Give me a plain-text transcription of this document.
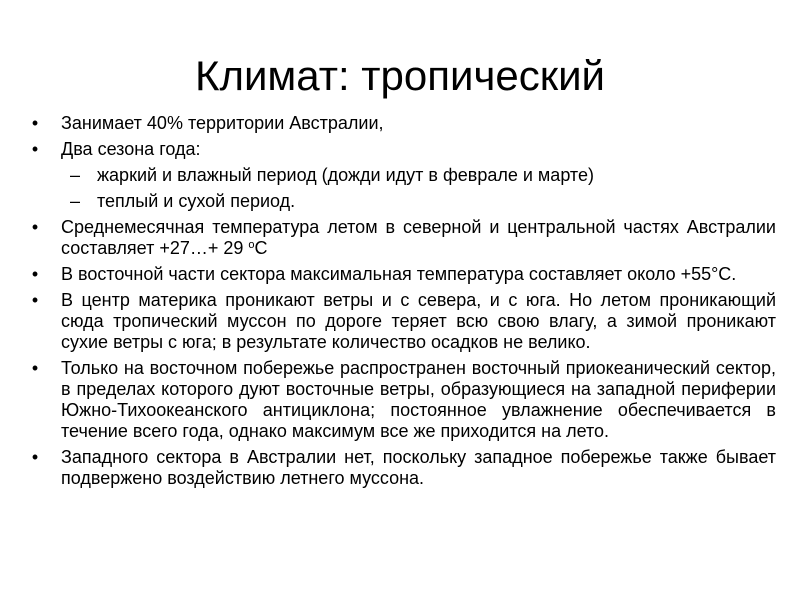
Климат: тропический

• Занимает 40% территории Австралии,

• Два сезона года:

– жаркий и влажный период (дожди идут в феврале и марте)

– теплый и сухой период.

• Среднемесячная температура летом в северной и центральной частях Австралии составляет +27…+ 29 $^о$С

• В восточной части сектора максимальная температура составляет около +55°С.

• В центр материка проникают ветры и с севера, и с юга. Но летом проникающий сюда тропический муссон по дороге теряет всю свою влагу, а зимой проникают сухие ветры с юга; в результате количество осадков не велико.

• Только на восточном побережье распространен восточный приокеанический сектор, в пределах которого дуют восточные ветры, образующиеся на западной периферии Южно-Тихоокеанского антициклона; постоянное увлажнение обеспечивается в течение всего года, однако максимум все же приходится на лето.

• Западного сектора в Австралии нет, поскольку западное побережье также бывает подвержено воздействию летнего муссона.
